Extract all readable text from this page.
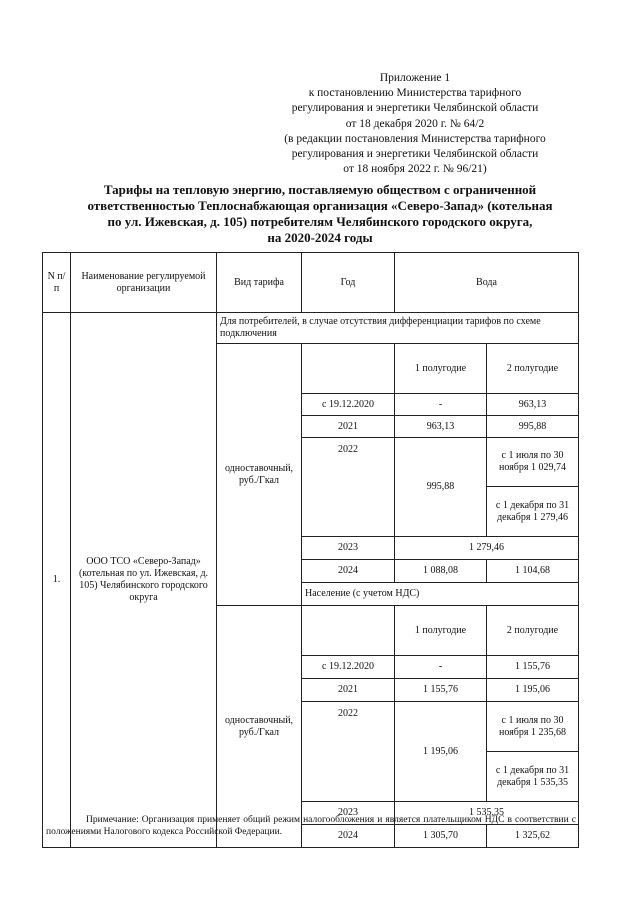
Приложение 1
к постановлению Министерства тарифного
регулирования и энергетики Челябинской области
от 18 декабря 2020 г. № 64/2
(в редакции постановления Министерства тарифного
регулирования и энергетики Челябинской области
от 18 ноября 2022 г. № 96/21)
Тарифы на тепловую энергию, поставляемую обществом с ограниченной
ответственностью Теплоснабжающая организация «Северо-Запад» (котельная
по ул. Ижевская, д. 105) потребителям Челябинского городского округа,
на 2020-2024 годы
N п/п	Наименование регулируемой организации	Вид тарифа	Год	Вода	
1.	ООО ТСО «Северо-Запад» (котельная по ул. Ижевская, д. 105) Челябинского городского округа	Для потребителей, в случае отсутствия дифференциации тарифов по схеме подключения			
		одноставочный, руб./Гкал		1 полугодие	2 полугодие
			с 19.12.2020	-	963,13
			2021	963,13	995,88
			2022	995,88	с 1 июля по 30 ноября 1 029,74
					с 1 декабря по 31 декабря 1 279,46
			2023	1 279,46	
			2024	1 088,08	1 104,68
			Население (с учетом НДС)		
		одноставочный, руб./Гкал		1 полугодие	2 полугодие
			с 19.12.2020	-	1 155,76
			2021	1 155,76	1 195,06
			2022	1 195,06	с 1 июля по 30 ноября 1 235,68
					с 1 декабря по 31 декабря 1 535,35
			2023	1 535,35	
			2024	1 305,70	1 325,62
Примечание: Организация применяет общий режим налогообложения и является плательщиком НДС в соответствии с положениями Налогового кодекса Российской Федерации.
